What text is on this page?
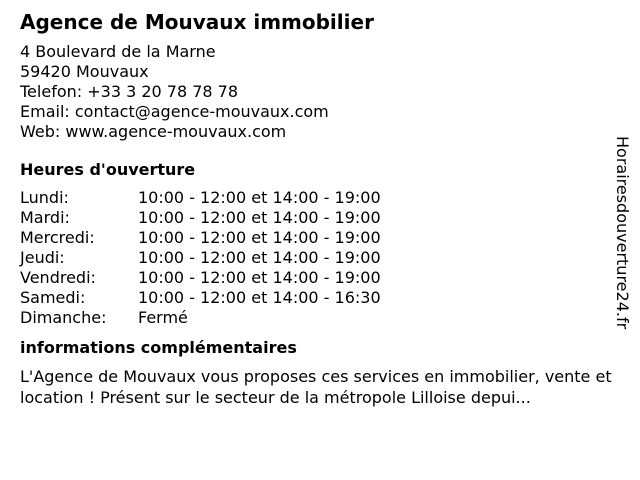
Agence de Mouvaux immobilier
4 Boulevard de la Marne
59420 Mouvaux
Telefon: +33 3 20 78 78 78
Email: contact@agence-mouvaux.com
Web: www.agence-mouvaux.com
Heures d'ouverture
Lundi:	10:00 - 12:00 et 14:00 - 19:00
Mardi:	10:00 - 12:00 et 14:00 - 19:00
Mercredi:	10:00 - 12:00 et 14:00 - 19:00
Jeudi:	10:00 - 12:00 et 14:00 - 19:00
Vendredi:	10:00 - 12:00 et 14:00 - 19:00
Samedi:	10:00 - 12:00 et 14:00 - 16:30
Dimanche:	Fermé
informations complémentaires
L'Agence de Mouvaux vous proposes ces services en immobilier, vente et location ! Présent sur le secteur de la métropole Lilloise depui...
Horairesdouverture24.fr
